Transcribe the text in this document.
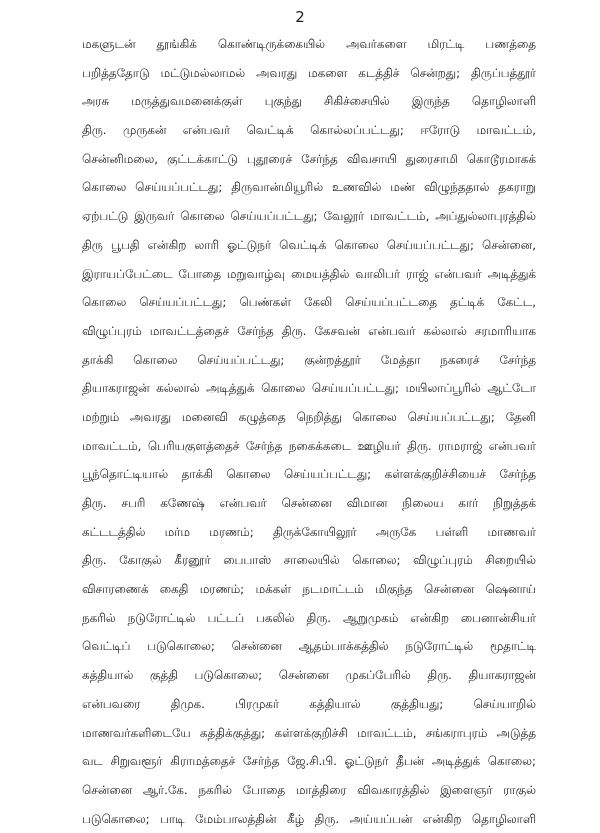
2
மகளுடன் தூங்கிக் கொண்டிருக்கையில் அவர்களை மிரட்டி பணத்தை
பறித்ததோடு மட்டுமல்லாமல் அவரது மகளை கடத்திச் சென்றது; திருப்பத்தூர்
அரசு மருத்துவமனைக்குள் புகுந்து சிகிச்சையில் இருந்த தொழிலாளி
திரு. முருகன் என்பவர் வெட்டிக் கொல்லப்பட்டது; ஈரோடு மாவட்டம்,
சென்னிமலை, குட்டக்காட்டு புதூரைச் சேர்ந்த விவசாயி துரைசாமி கொடூரமாகக்
கொலை செய்யப்பட்டது; திருவான்மியூரில் உணவில் மண் விழுந்ததால் தகராறு
ஏற்பட்டு இருவர் கொலை செய்யப்பட்டது; வேலூர் மாவட்டம், அப்துல்லாபுரத்தில்
திரு பூபதி என்கிற லாரி ஓட்டுநர் வெட்டிக் கொலை செய்யப்பட்டது; சென்னை,
இராயப்பேட்டை போதை மறுவாழ்வு மையத்தில் வாலிபர் ராஜ் என்பவர் அடித்துக்
கொலை செய்யப்பட்டது; பெண்கள் கேலி செய்யப்பட்டதை தட்டிக் கேட்ட,
விழுப்புரம் மாவட்டத்தைச் சேர்ந்த திரு. கேசவன் என்பவர் கல்லால் சரமாரியாக
தாக்கி கொலை செய்யப்பட்டது; குன்றத்தூர் மேத்தா நகரைச் சேர்ந்த
தியாகராஜன் கல்லால் அடித்துக் கொலை செய்யப்பட்டது; மயிலாப்பூரில் ஆட்டோ
மற்றும் அவரது மனைவி கழுத்தை நெறித்து கொலை செய்யப்பட்டது; தேனி
மாவட்டம், பெரியகுளத்தைச் சேர்ந்த நகைக்கடை ஊழியர் திரு. ராமராஜ் என்பவர்
பூந்தொட்டியால் தாக்கி கொலை செய்யப்பட்டது; கள்ளக்குறிச்சியைச் சேர்ந்த
திரு. சபரி கணேஷ் என்பவர் சென்னை விமான நிலைய கார் நிறுத்தக்
கட்டடத்தில் மர்ம மரணம்; திருக்கோயிலூர் அருகே பள்ளி மாணவர்
திரு. கோகுல் கீரனூர் பைபாஸ் சாலையில் கொலை; விழுப்புரம் சிறையில்
விசாரணைக் கைதி மரணம்; மக்கள் நடமாட்டம் மிகுந்த சென்னை ஷெனாய்
நகரில் நடுரோட்டில் பட்டப் பகலில் திரு. ஆறுமுகம் என்கிற பைனான்சியர்
வெட்டிப் படுகொலை; சென்னை ஆதம்பாக்கத்தில் நடுரோட்டில் மூதாட்டி
கத்தியால் குத்தி படுகொலை; சென்னை முகப்பேரில் திரு. தியாகராஜன்
என்பவரை திமுக. பிரமுகர் கத்தியால் குத்தியது; செய்யாறில்
மாணவர்களிடையே கத்திக்குத்து; கள்ளக்குறிச்சி மாவட்டம், சங்கராபுரம் அடுத்த
வட சிறுவளூர் கிராமத்தைச் சேர்ந்த ஜே.சி.பி. ஓட்டுநர் தீபன் அடித்துக் கொலை;
சென்னை ஆர்.கே. நகரில் போதை மாத்திரை விவகாரத்தில் இளைஞர் ராகுல்
படுகொலை; பாடி மேம்பாலத்தின் கீழ் திரு. அய்யப்பன் என்கிற தொழிலாளி
